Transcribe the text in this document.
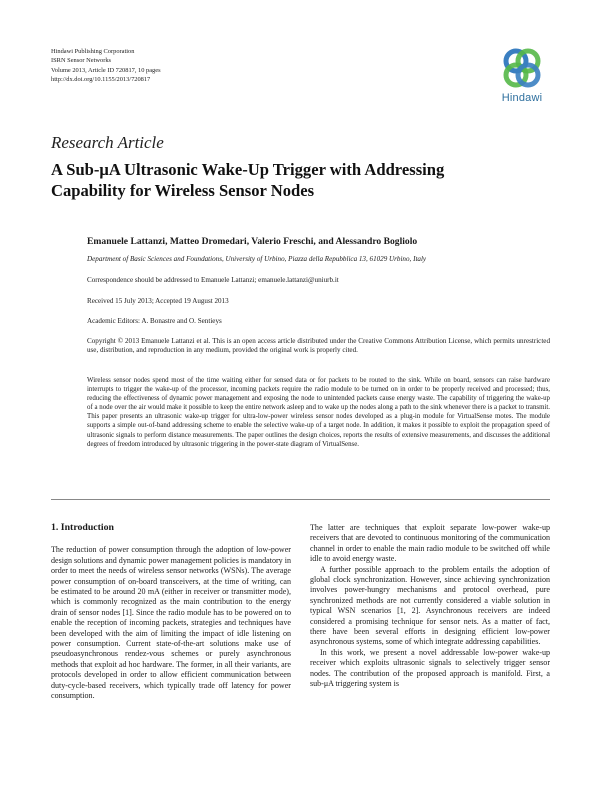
Hindawi Publishing Corporation
ISRN Sensor Networks
Volume 2013, Article ID 720817, 10 pages
http://dx.doi.org/10.1155/2013/720817
Hindawi
Research Article
A Sub-μA Ultrasonic Wake-Up Trigger with Addressing Capability for Wireless Sensor Nodes
Emanuele Lattanzi, Matteo Dromedari, Valerio Freschi, and Alessandro Bogliolo
Department of Basic Sciences and Foundations, University of Urbino, Piazza della Repubblica 13, 61029 Urbino, Italy
Correspondence should be addressed to Emanuele Lattanzi; emanuele.lattanzi@uniurb.it
Received 15 July 2013; Accepted 19 August 2013
Academic Editors: A. Bonastre and O. Sentieys
Copyright © 2013 Emanuele Lattanzi et al. This is an open access article distributed under the Creative Commons Attribution License, which permits unrestricted use, distribution, and reproduction in any medium, provided the original work is properly cited.
Wireless sensor nodes spend most of the time waiting either for sensed data or for packets to be routed to the sink. While on board, sensors can raise hardware interrupts to trigger the wake-up of the processor, incoming packets require the radio module to be turned on in order to be properly received and processed; thus, reducing the effectiveness of dynamic power management and exposing the node to unintended packets cause energy waste. The capability of triggering the wake-up of a node over the air would make it possible to keep the entire network asleep and to wake up the nodes along a path to the sink whenever there is a packet to transmit. This paper presents an ultrasonic wake-up trigger for ultra-low-power wireless sensor nodes developed as a plug-in module for VirtualSense motes. The module supports a simple out-of-band addressing scheme to enable the selective wake-up of a target node. In addition, it makes it possible to exploit the propagation speed of ultrasonic signals to perform distance measurements. The paper outlines the design choices, reports the results of extensive measurements, and discusses the additional degrees of freedom introduced by ultrasonic triggering in the power-state diagram of VirtualSense.

1. Introduction

The reduction of power consumption through the adoption of low-power design solutions and dynamic power management policies is mandatory in order to meet the needs of wireless sensor networks (WSNs). The average power consumption of on-board transceivers, at the time of writing, can be estimated to be around 20 mA (either in receiver or transmitter mode), which is commonly recognized as the main contribution to the energy drain of sensor nodes [1]. Since the radio module has to be powered on to enable the reception of incoming packets, strategies and techniques have been developed with the aim of limiting the impact of idle listening on power consumption. Current state-of-the-art solutions make use of pseudoasynchronous rendez-vous schemes or purely asynchronous methods that exploit ad hoc hardware. The former, in all their variants, are protocols developed in order to allow efficient communication between duty-cycle-based receivers, which typically trade off latency for power consumption.

The latter are techniques that exploit separate low-power wake-up receivers that are devoted to continuous monitoring of the communication channel in order to enable the main radio module to be switched off while idle to avoid energy waste.

A further possible approach to the problem entails the adoption of global clock synchronization. However, since achieving synchronization involves power-hungry mechanisms and protocol overhead, pure synchronized methods are not currently considered a viable solution in typical WSN scenarios [1, 2]. Asynchronous receivers are indeed considered a promising technique for sensor nets. As a matter of fact, there have been several efforts in designing efficient low-power asynchronous systems, some of which integrate addressing capabilities.

In this work, we present a novel addressable low-power wake-up receiver which exploits ultrasonic signals to selectively trigger sensor nodes. The contribution of the proposed approach is manifold. First, a sub-μA triggering system is
